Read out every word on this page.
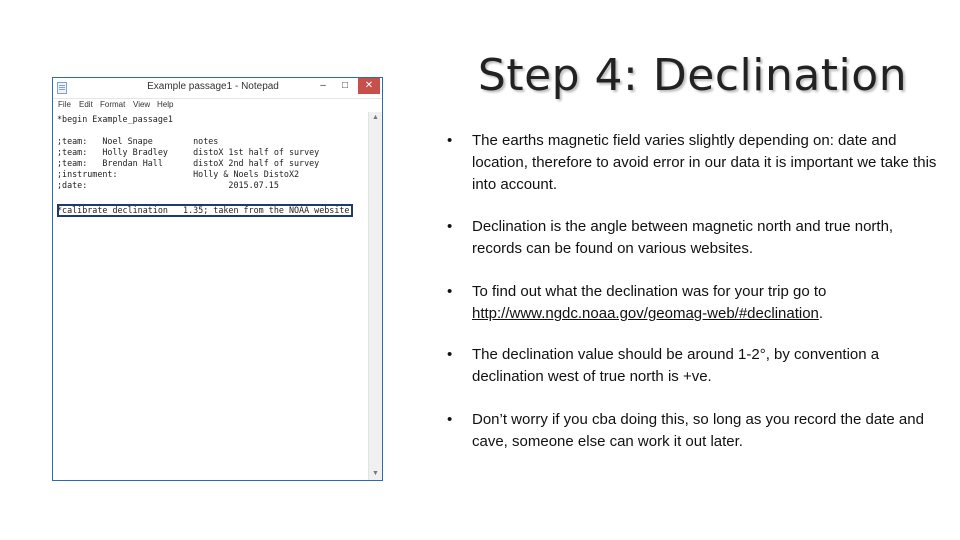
Example passage1 - Notepad	–	□	✕
File Edit Format View Help

*begin Example_passage1

;team:   Noel Snape        notes

;team:   Holly Bradley     distoX 1st half of survey

;team:   Brendan Hall      distoX 2nd half of survey

;instrument:               Holly & Noels DistoX2

;date:                            2015.07.15

*calibrate declination   1.35; taken from the NOAA website

▲
▼
Step 4: Declination
• The earths magnetic field varies slightly depending on: date and location, therefore to avoid error in our data it is important we take this into account.
• Declination is the angle between magnetic north and true north, records can be found on various websites.
• To find out what the declination was for your trip go to http://www.ngdc.noaa.gov/geomag-web/#declination.
• The declination value should be around 1-2°, by convention a declination west of true north is +ve.
• Don’t worry if you cba doing this, so long as you record the date and cave, someone else can work it out later.
